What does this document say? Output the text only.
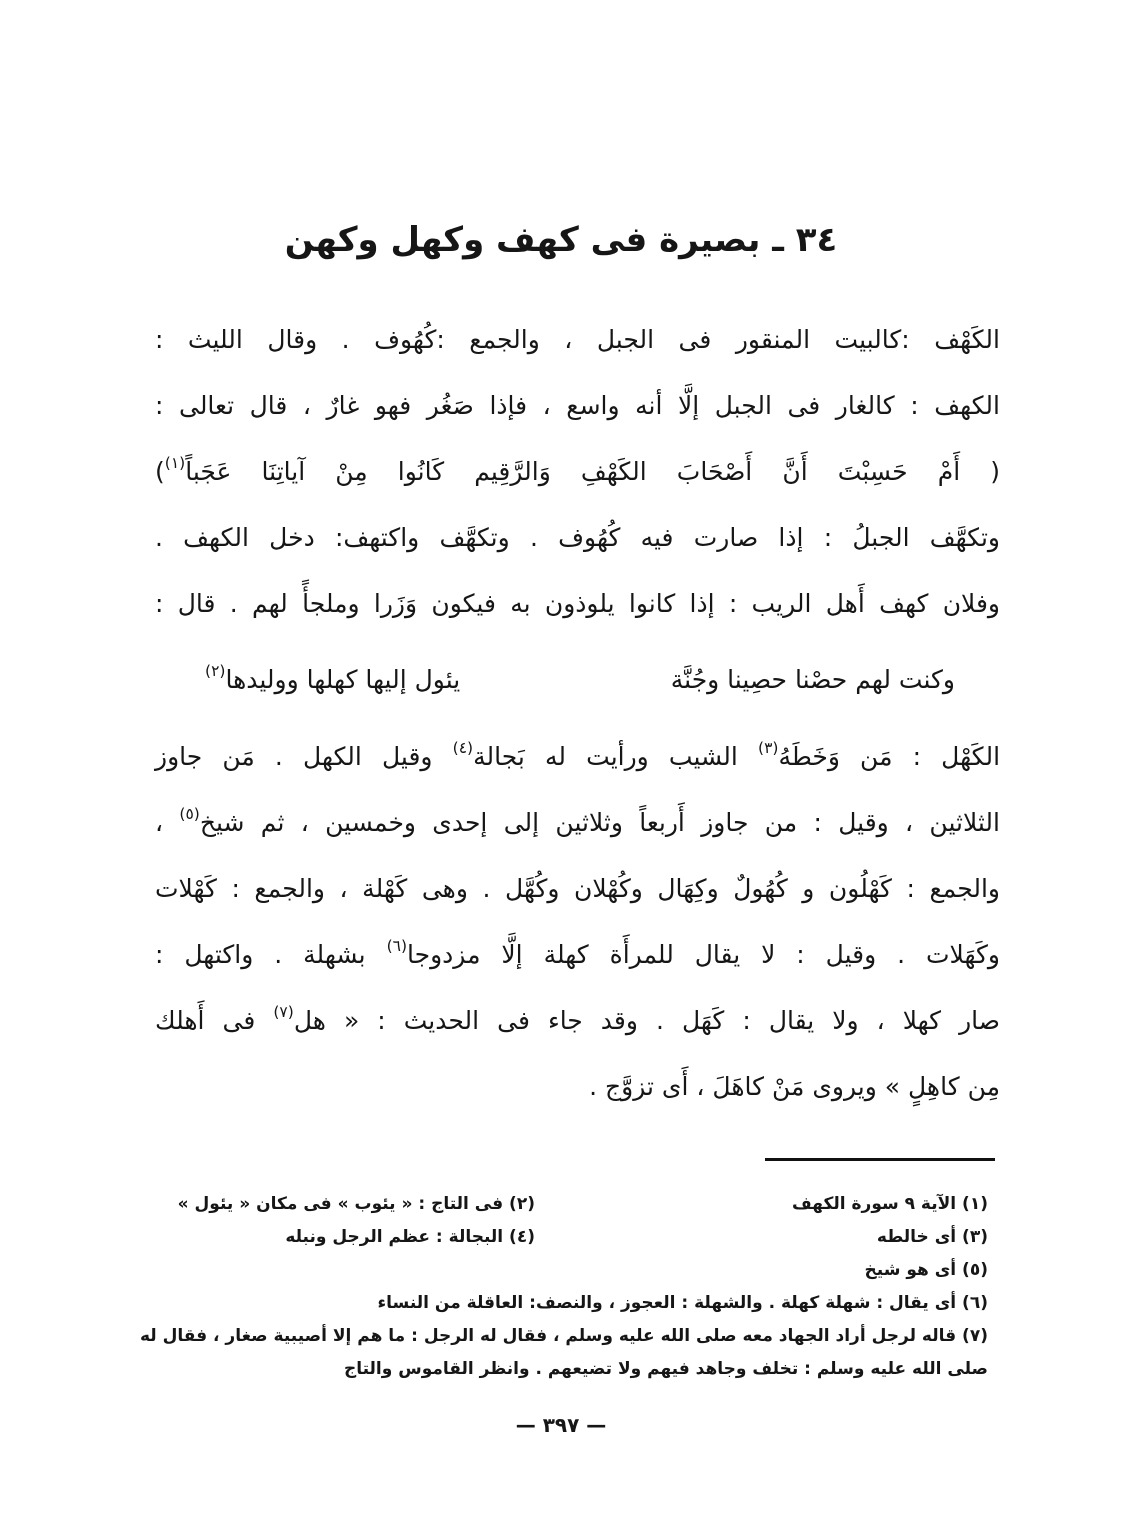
٣٤ ـ بصيرة فى كهف وكهل وكهن
الكَهْف :كالبيت المنقور فى الجبل ، والجمع :كُهُوف . وقال الليث :
الكهف : كالغار فى الجبل إلَّا أنه واسع ، فإذا صَغُر فهو غارٌ ، قال تعالى :
( أَمْ حَسِبْتَ أَنَّ أَصْحَابَ الكَهْفِ وَالرَّقِيم كَانُوا مِنْ آياتِنَا عَجَباً$^{(١)}$)
وتكهَّف الجبلُ : إذا صارت فيه كُهُوف . وتكهَّف واكتهف: دخل الكهف .
وفلان كهف أَهل الريب : إذا كانوا يلوذون به فيكون وَزَرا وملجأً لهم . قال :
وكنت لهم حصْنا حصِينا وجُنَّة
يئول إليها كهلها ووليدها$^{(٢)}$
الكَهْل : مَن وَخَطَهُ$^{(٣)}$ الشيب ورأيت له بَجالة$^{(٤)}$ وقيل الكهل . مَن جاوز
الثلاثين ، وقيل : من جاوز أَربعاً وثلاثين إلى إحدى وخمسين ، ثم شيخ$^{(٥)}$ ،
والجمع : كَهْلُون و كُهُولٌ وكِهَال وكُهْلان وكُهَّل . وهى كَهْلة ، والجمع : كَهْلات
وكَهَلات . وقيل : لا يقال للمرأَة كهلة إلَّا مزدوجا$^{(٦)}$ بشهلة . واكتهل :
صار كهلا ، ولا يقال : كَهَل . وقد جاء فى الحديث : « هل$^{(٧)}$ فى أَهلك
مِن كاهِلٍ » ويروى مَنْ كاهَلَ ، أَى تزوَّج .
(١) الآية ٩ سورة الكهف
(٢) فى التاج : « يئوب » فى مكان « يئول »
(٣) أى خالطه
(٤) البجالة : عظم الرجل ونبله
(٥)

أى هو شيخ
(٦)

أى يقال : شهلة كهلة . والشهلة : العجوز ، والنصف: العاقلة من النساء
(٧) قاله لرجل أراد الجهاد معه صلى الله عليه وسلم ، فقال له الرجل : ما هم إلا أصيبية صغار ، فقال له
صلى الله عليه وسلم : تخلف وجاهد فيهم ولا تضيعهم . وانظر القاموس والتاج
— ٣٩٧ —
